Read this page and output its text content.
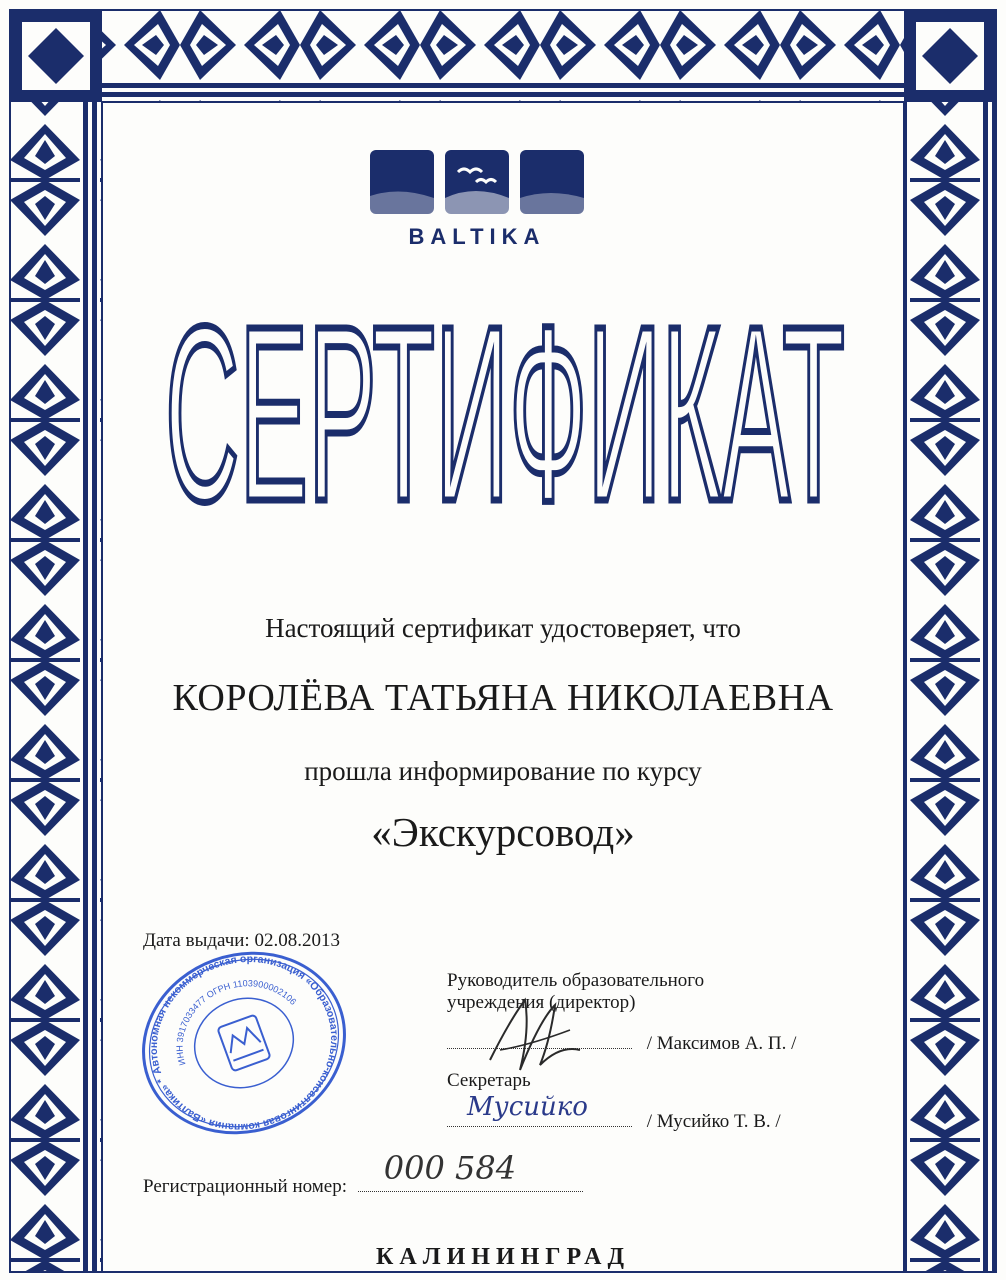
BALTIKA
СЕРТИФИКАТ
Настоящий сертификат удостоверяет, что
КОРОЛЁВА ТАТЬЯНА НИКОЛАЕВНА
прошла информирование по курсу
«Экскурсовод»
Дата выдачи: 02.08.2013
Руководитель образовательного
учреждения (директор)
/ Максимов А. П. /
Секретарь
Мусийко	/ Мусийко Т. В. /
Регистрационный номер: 000 584
КАЛИНИНГРАД
Автономная некоммерческая организация «Образовательно-консалтинговая компания «Балтика» *
ИНН 3917033477 ОГРН 1103900002106
